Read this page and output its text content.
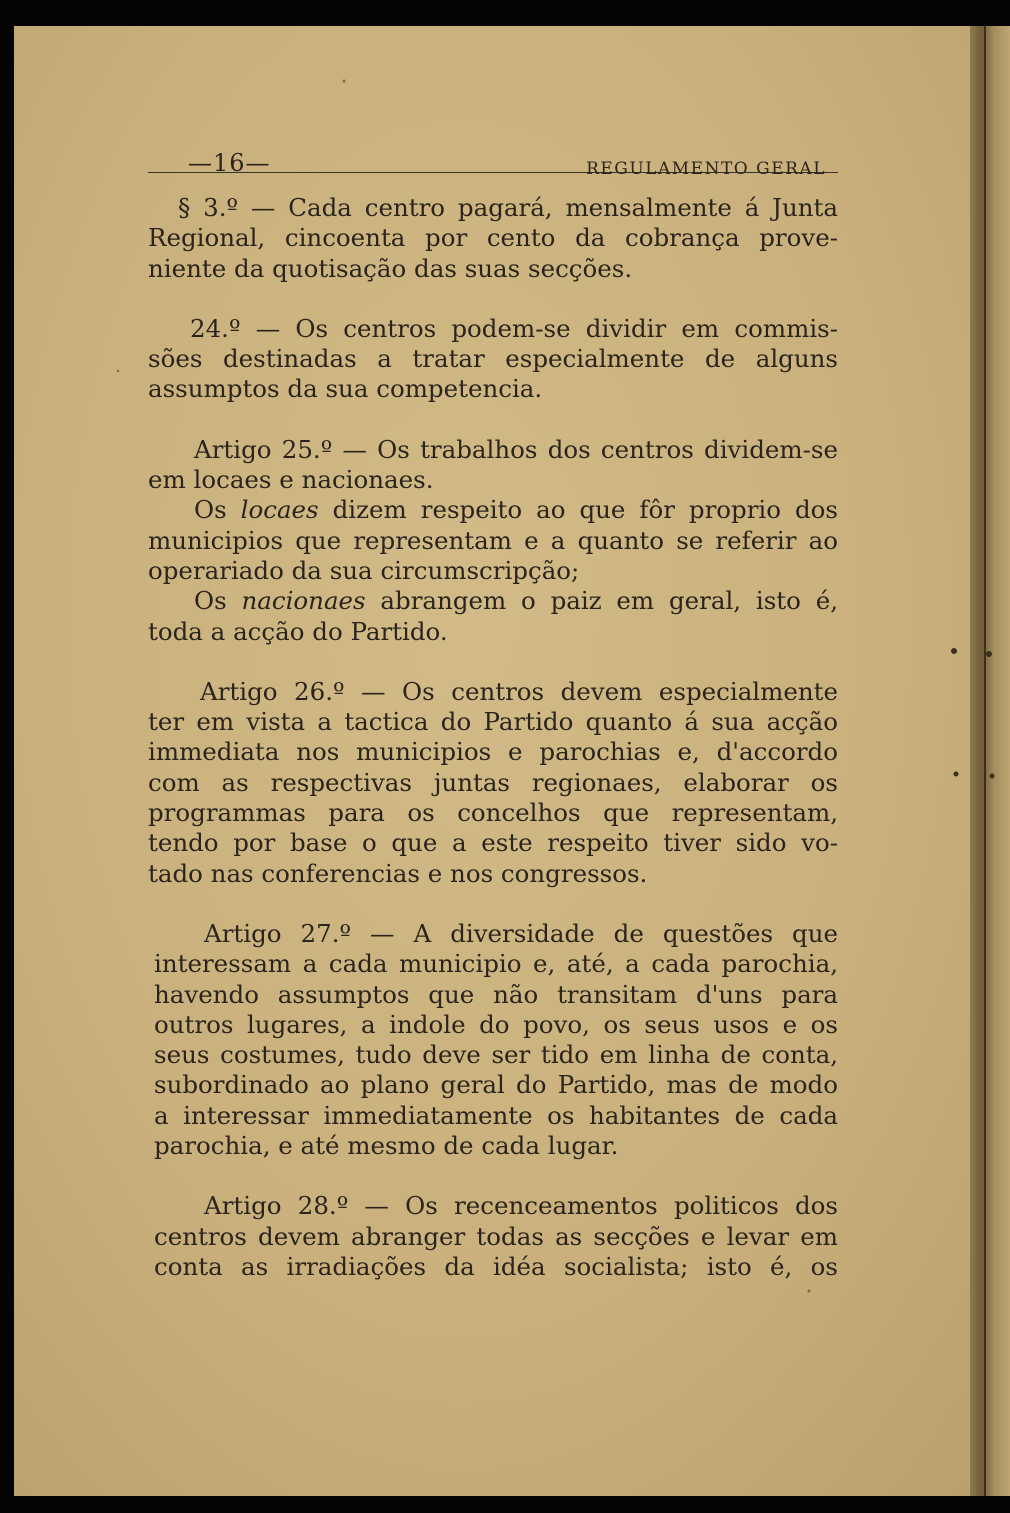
—16—	REGULAMENTO GERAL
§ 3.º — Cada centro pagará, mensalmente á Junta
Regional, cincoenta por cento da cobrança prove-
niente da quotisação das suas secções.
24.º — Os centros podem-se dividir em commis-
sões destinadas a tratar especialmente de alguns
assumptos da sua competencia.
Artigo 25.º — Os trabalhos dos centros dividem-se
em locaes e nacionaes.
Os locaes dizem respeito ao que fôr proprio dos
municipios que representam e a quanto se referir ao
operariado da sua circumscripção;
Os nacionaes abrangem o paiz em geral, isto é,
toda a acção do Partido.
Artigo 26.º — Os centros devem especialmente
ter em vista a tactica do Partido quanto á sua acção
immediata nos municipios e parochias e, d'accordo
com as respectivas juntas regionaes, elaborar os
programmas para os concelhos que representam,
tendo por base o que a este respeito tiver sido vo-
tado nas conferencias e nos congressos.
Artigo 27.º — A diversidade de questões que
interessam a cada municipio e, até, a cada parochia,
havendo assumptos que não transitam d'uns para
outros lugares, a indole do povo, os seus usos e os
seus costumes, tudo deve ser tido em linha de conta,
subordinado ao plano geral do Partido, mas de modo
a interessar immediatamente os habitantes de cada
parochia, e até mesmo de cada lugar.
Artigo 28.º — Os recenceamentos politicos dos
centros devem abranger todas as secções e levar em
conta as irradiações da idéa socialista; isto é, os
